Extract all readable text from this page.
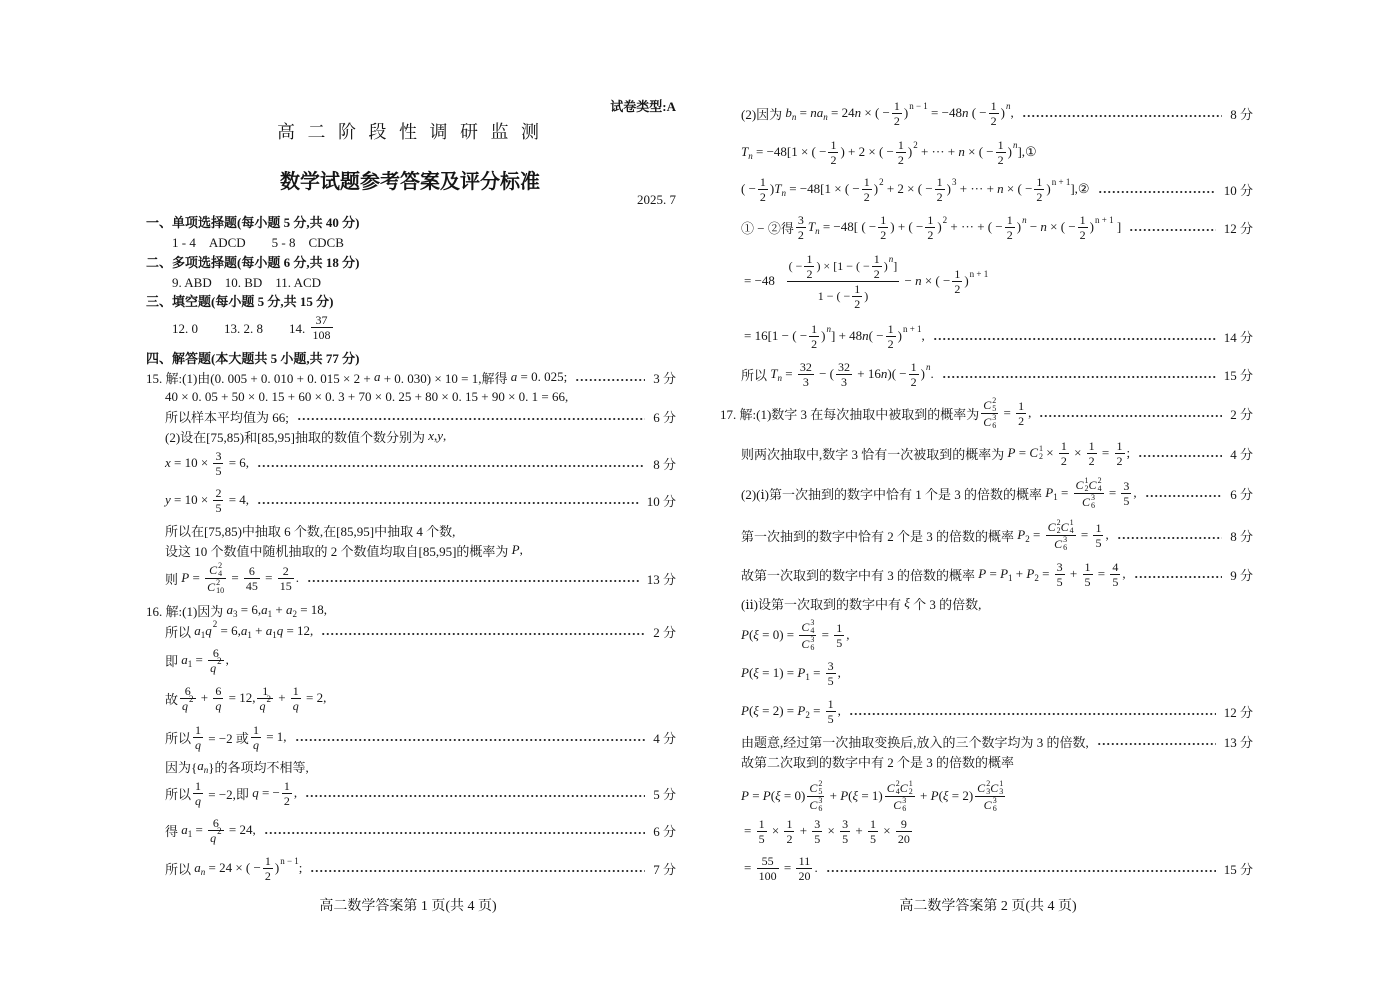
试卷类型:A
高 二 阶 段 性 调 研 监 测
数学试题参考答案及评分标准
2025. 7
高二数学答案第 1 页(共 4 页)
一、单项选择题(每小题 5 分,共 40 分)
1 - 4　ADCD　　5 - 8　CDCB
二、多项选择题(每小题 6 分,共 18 分)
9. ABD　10. BD　11. ACD
三、填空题(每小题 5 分,共 15 分)
12. 0　　13. 2. 8　　14. $\frac{37}{108}$
四、解答题(本大题共 5 小题,共 77 分)
15. 解:(1)由(0. 005 + 0. 010 + 0. 015 × 2 + a + 0. 030) × 10 = 1,解得 a = 0. 025;	3 分
40 × 0. 05 + 50 × 0. 15 + 60 × 0. 3 + 70 × 0. 25 + 80 × 0. 15 + 90 × 0. 1 = 66,
所以样本平均值为 66;	6 分
(2)设在[75,85)和[85,95]抽取的数值个数分别为 x , y ,
$x = 10 \times \frac{3}{5} = 6$,	8 分
$y = 10 \times \frac{2}{5} = 4$,	10 分
所以在[75,85)中抽取 6 个数,在[85,95]中抽取 4 个数,
设这 10 个数值中随机抽取的 2 个数值均取自[85,95]的概率为 P ,
则 P = C 2
4
C 2
$10 = \frac{6}{45} = \frac{2}{15}$ .	13 分
16. 解:(1)因为 a 3 = 6, a 1 + a 2 = 18,
所以 a 1 q 2 = 6, a 1 + a 1 q = 12,	2 分
即 a $1 = \frac{6}{q 2}$ ,
故 $\frac{6}{q 2} + \frac{6}{q} = 12$, $\frac{1}{q 2} + \frac{1}{q} = 2$,
所以 $\frac{1}{q} = -2$ 或 $\frac{1}{q} = 1$,	4 分
因为{ a n }的各项均不相等,
所以 $\frac{1}{q} = -2$,即 q = − $\frac{1}{2}$ ,	5 分
得 a $1 = \frac{6}{q 2} = 24$,	6 分
所以 a n = 24 × ( − $\frac{1}{2}$ ) n − 1 ;	7 分
高二数学答案第 2 页(共 4 页)
(2)因为 b n = n a n = 24 n × ( − $\frac{1}{2}$ ) n − 1 = −48 n ( − $\frac{1}{2}$ ) n ,	8 分
T n = −48[1 × ( − $\frac{1}{2}$ ) + 2 × ( − $\frac{1}{2}$ ) 2 + ··· + n × ( − $\frac{1}{2}$ ) n ],①
( − $\frac{1}{2}$ ) T n = −48[1 × ( − $\frac{1}{2}$ ) 2 + 2 × ( − $\frac{1}{2}$ ) 3 + ··· + n × ( − $\frac{1}{2}$ ) n + 1 ],②	10 分
① − ②得 $\frac{3}{2}$ T n = −48[ ( − $\frac{1}{2}$ ) + ( − $\frac{1}{2}$ ) 2 + ··· + ( − $\frac{1}{2}$ ) n − n × ( − $\frac{1}{2}$ ) n + 1 ]	12 分
= $-48 \frac{( - \frac{1}{2} ) \times [1 - ( - \frac{1}{2} ) n ]}{1 - ( - \frac{1}{2} )} - n$ × ( − $\frac{1}{2}$ ) n + 1
= 16[1 − ( − $\frac{1}{2}$ ) n ] + 48 n ( − $\frac{1}{2}$ ) n + 1 ,	14 分
所以 T $n = \frac{32}{3}$ − ( $\frac{32}{3} + 16$ n )( − $\frac{1}{2}$ ) n .	15 分
17. 解:(1)数字 3 在每次抽取中被取到的概率为 C 2
5
C 3
$6 = \frac{1}{2}$ ,	2 分
则两次抽取中,数字 3 恰有一次被取到的概率为 P = C 1
$2 \times \frac{1}{2} \times \frac{1}{2} = \frac{1}{2}$ ;	4 分
(2)(ⅰ)第一次抽到的数字中恰有 1 个是 3 的倍数的概率 P 1 = C 1
2 C 2
4
C 3
$6 = \frac{3}{5}$ ,	6 分
第一次抽到的数字中恰有 2 个是 3 的倍数的概率 P 2 = C 2
2 C 1
4
C 3
$6 = \frac{1}{5}$ ,	8 分
故第一次取到的数字中有 3 的倍数的概率 P = P 1 + P $2 = \frac{3}{5} + \frac{1}{5} = \frac{4}{5}$ ,	9 分
(ⅱ)设第一次取到的数字中有 ξ 个 3 的倍数,
P ( ξ = 0) = C 3
4
C 3
$6 = \frac{1}{5}$ ,
P ( ξ = 1) = P $1 = \frac{3}{5}$ ,
P ( ξ = 2) = P $2 = \frac{1}{5}$ ,	12 分
由题意,经过第一次抽取变换后,放入的三个数字均为 3 的倍数,	13 分
故第二次取到的数字中有 2 个是 3 的倍数的概率
P = P ( ξ = 0) C 2
5
C 3
6 + P ( ξ = 1) C 2
4 C 1
2
C 3
6 + P ( ξ = 2) C 2
3 C 1
3
C 3
6
= $\frac{1}{5} \times \frac{1}{2} + \frac{3}{5} \times \frac{3}{5} + \frac{1}{5} \times \frac{9}{20}$
= $\frac{55}{100} = \frac{11}{20}$ .	15 分
